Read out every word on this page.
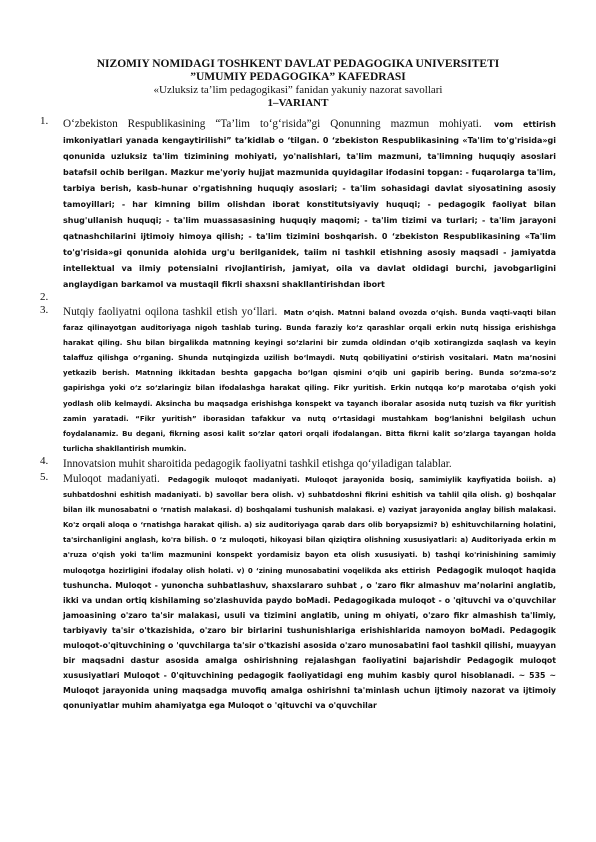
NIZOMIY NOMIDAGI TOSHKENT DAVLAT PEDAGOGIKA UNIVERSITETI
”UMUMIY PEDAGOGIKA” KAFEDRASI
«Uzluksiz ta’lim pedagogikasi” fanidan yakuniy nazorat savollari
1–VARIANT
1.	O‘zbekiston Respublikasining “Ta’lim to‘g‘risida”gi Qonunning mazmun mohiyati. vom ettirish imkoniyatlari yanada kengaytirilishi” ta’kidlab o ‘tilgan. 0 ‘zbekiston Respublikasining «Ta'lim to'g'risida»gi qonunida uzluksiz ta'lim tizimining mohiyati, yo'nalishlari, ta'lim mazmuni, ta'limning huquqiy asoslari batafsil ochib berilgan. Mazkur me'yoriy hujjat mazmunida quyidagilar ifodasini topgan: - fuqarolarga ta'lim, tarbiya berish, kasb-hunar o'rgatishning huquqiy asoslari; - ta'lim sohasidagi davlat siyosatining asosiy tamoyillari; - har kimning bilim olishdan iborat konstitutsiyaviy huquqi; - pedagogik faoliyat bilan shug'ullanish huquqi; - ta'lim muassasasining huquqiy maqomi; - ta'lim tizimi va turlari; - ta'lim jarayoni qatnashchilarini ijtimoiy himoya qilish; - ta'lim tizimini boshqarish. 0 ‘zbekiston Respublikasining «Ta'lim to'g'risida»gi qonunida alohida urg'u berilganidek, taiim ni tashkil etishning asosiy maqsadi - jamiyatda intellektual va ilmiy potensialni rivojlantirish, jamiyat, oila va davlat oldidagi burchi, javobgarligini anglaydigan barkamol va mustaqil fikrli shaxsni shakllantirishdan ibort
2.
3.	Nutqiy faoliyatni oqilona tashkil etish yo‘llari. Matn o‘qish. Matnni baland ovozda o‘qish. Bunda vaqti-vaqti bilan faraz qilinayotgan auditoriyaga nigoh tashlab turing. Bunda faraziy ko‘z qarashlar orqali erkin nutq hissiga erishishga harakat qiling. Shu bilan birgalikda matnning keyingi so‘zlarini bir zumda oldindan o‘qib xotirangizda saqlash va keyin talaffuz qilishga o‘rganing. Shunda nutqingizda uzilish bo‘lmaydi. Nutq qobiliyatini o‘stirish vositalari. Matn ma’nosini yetkazib berish. Matnning ikkitadan beshta gapgacha bo‘lgan qismini o‘qib uni gapirib bering. Bunda so‘zma-so‘z gapirishga yoki o‘z so‘zlaringiz bilan ifodalashga harakat qiling. Fikr yuritish. Erkin nutqqa ko‘p marotaba o‘qish yoki yodlash olib kelmaydi. Aksincha bu maqsadga erishishga konspekt va tayanch iboralar asosida nutq tuzish va fikr yuritish zamin yaratadi. “Fikr yuritish” iborasidan tafakkur va nutq o‘rtasidagi mustahkam bog‘lanishni belgilash uchun foydalanamiz. Bu degani, fikrning asosi kalit so‘zlar qatori orqali ifodalangan. Bitta fikrni kalit so‘zlarga tayangan holda turlicha shakllantirish mumkin.
4.	Innovatsion muhit sharoitida pedagogik faoliyatni tashkil etishga qo‘yiladigan talablar.
5.	Muloqot madaniyati. Pedagogik muloqot madaniyati. Muloqot jarayonida bosiq, samimiylik kayfiyatida boiish. a) suhbatdoshni eshitish madaniyati. b) savollar bera olish. v) suhbatdoshni fikrini eshitish va tahlil qila olish. g) boshqalar bilan ilk munosabatni o ‘rnatish malakasi. d) boshqalami tushunish malakasi. e) vaziyat jarayonida anglay bilish malakasi. Ko'z orqali aloqa o ‘rnatishga harakat qilish. a) siz auditoriyaga qarab dars olib boryapsizmi? b) eshituvchilarning holatini, ta'sirchanligini anglash, ko'ra bilish. 0 ‘z muloqoti, hikoyasi bilan qiziqtira olishning xususiyatlari: a) Auditoriyada erkin m a'ruza o'qish yoki ta'lim mazmunini konspekt yordamisiz bayon eta olish xususiyati. b) tashqi ko'rinishining samimiy muloqotga hozirligini ifodalay olish holati. v) 0 ‘zining munosabatini voqelikda aks ettirish Pedagogik muloqot haqida tushuncha. Muloqot - yunoncha suhbatlashuv, shaxslararo suhbat , o 'zaro fikr almashuv ma’nolarini anglatib, ikki va undan ortiq kishilaming so'zlashuvida paydo boMadi. Pedagogikada muloqot - o 'qituvchi va o'quvchilar jamoasining o'zaro ta'sir malakasi, usuli va tizimini anglatib, uning m ohiyati, o'zaro fikr almashish ta'limiy, tarbiyaviy ta'sir o'tkazishida, o'zaro bir birlarini tushunishlariga erishishlarida namoyon boMadi. Pedagogik muloqot-o'qituvchining o 'quvchilarga ta'sir o'tkazishi asosida o'zaro munosabatini faol tashkil qilishi, muayyan bir maqsadni dastur asosida amalga oshirishning rejalashgan faoliyatini bajarishdir Pedagogik muloqot xususiyatlari Muloqot - 0'qituvchining pedagogik faoliyatidagi eng muhim kasbiy qurol hisoblanadi. ~ 535 ~ Muloqot jarayonida uning maqsadga muvofiq amalga oshirishni ta'minlash uchun ijtimoiy nazorat va ijtimoiy qonuniyatlar muhim ahamiyatga ega Muloqot o 'qituvchi va o'quvchilar
